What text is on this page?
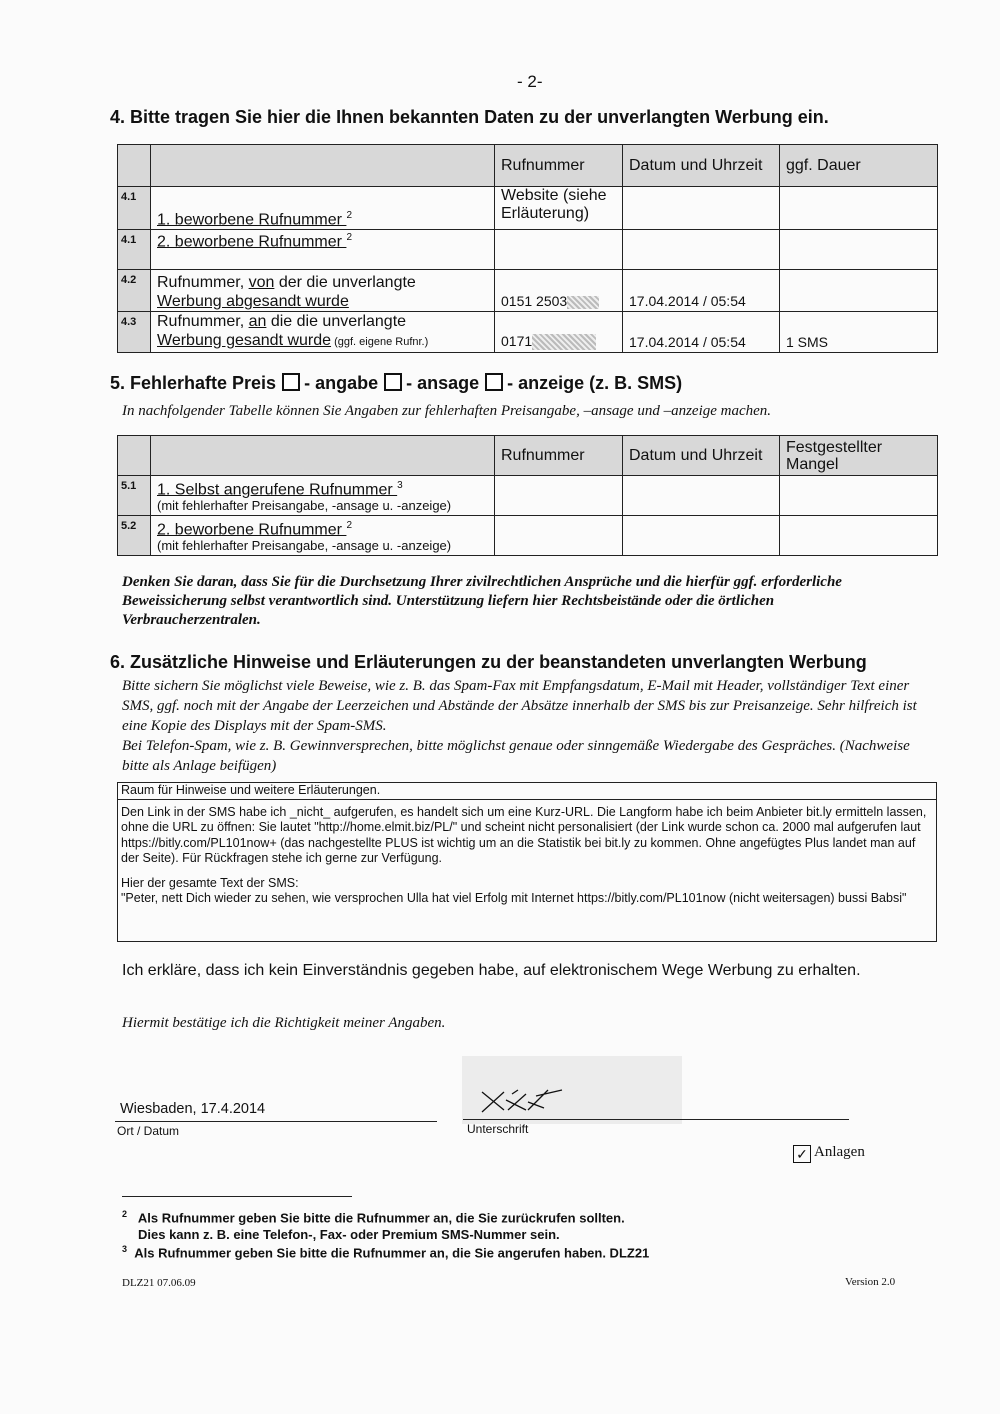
- 2-
4. Bitte tragen Sie hier die Ihnen bekannten Daten zu der unverlangten Werbung ein.
		Rufnummer	Datum und Uhrzeit	ggf. Dauer
4.1	1. beworbene Rufnummer $^2$	Website (siehe Erläuterung)		
4.1	2. beworbene Rufnummer $^2$			
4.2	Rufnummer, von der die unverlangte
Werbung abgesandt wurde	0151 2503	17.04.2014 / 05:54	
4.3	Rufnummer, an die die unverlangte
Werbung gesandt wurde (ggf. eigene Rufnr.)	0171	17.04.2014 / 05:54	1 SMS
5. Fehlerhafte Preis - angabe - ansage - anzeige (z. B. SMS)
In nachfolgender Tabelle können Sie Angaben zur fehlerhaften Preisangabe, –ansage und –anzeige machen.
		Rufnummer	Datum und Uhrzeit	Festgestellter Mangel
5.1	1. Selbst angerufene Rufnummer $^3$
(mit fehlerhafter Preisangabe, -ansage u. -anzeige)			
5.2	2. beworbene Rufnummer $^2$
(mit fehlerhafter Preisangabe, -ansage u. -anzeige)			
Denken Sie daran, dass Sie für die Durchsetzung Ihrer zivilrechtlichen Ansprüche und die hierfür ggf. erforderliche Beweissicherung selbst verantwortlich sind. Unterstützung liefern hier Rechtsbeistände oder die örtlichen Verbraucherzentralen.
6. Zusätzliche Hinweise und Erläuterungen zu der beanstandeten unverlangten Werbung
Bitte sichern Sie möglichst viele Beweise, wie z. B. das Spam-Fax mit Empfangsdatum, E-Mail mit Header, vollständiger Text einer SMS, ggf. noch mit der Angabe der Leerzeichen und Abstände der Absätze innerhalb der SMS bis zur Preisanzeige. Sehr hilfreich ist eine Kopie des Displays mit der Spam-SMS.
Bei Telefon-Spam, wie z. B. Gewinnversprechen, bitte möglichst genaue oder sinngemäße Wiedergabe des Gespräches. (Nachweise bitte als Anlage beifügen)
Raum für Hinweise und weitere Erläuterungen.
Den Link in der SMS habe ich _nicht_ aufgerufen, es handelt sich um eine Kurz-URL. Die Langform habe ich beim Anbieter bit.ly ermitteln lassen, ohne die URL zu öffnen: Sie lautet "http://home.elmit.biz/PL/" und scheint nicht personalisiert (der Link wurde schon ca. 2000 mal aufgerufen laut https://bitly.com/PL101now+ (das nachgestellte PLUS ist wichtig um an die Statistik bei bit.ly zu kommen. Ohne angefügtes Plus landet man auf der Seite). Für Rückfragen stehe ich gerne zur Verfügung.
Hier der gesamte Text der SMS:
"Peter, nett Dich wieder zu sehen, wie versprochen Ulla hat viel Erfolg mit Internet https://bitly.com/PL101now (nicht weitersagen) bussi Babsi"
Ich erkläre, dass ich kein Einverständnis gegeben habe, auf elektronischem Wege Werbung zu erhalten.
Hiermit bestätige ich die Richtigkeit meiner Angaben.
Wiesbaden, 17.4.2014
Ort / Datum	Unterschrift
✓ Anlagen
$^2$ Als Rufnummer geben Sie bitte die Rufnummer an, die Sie zurückrufen sollten.
Dies kann z. B. eine Telefon-, Fax- oder Premium SMS-Nummer sein.
$^3$ Als Rufnummer geben Sie bitte die Rufnummer an, die Sie angerufen haben. DLZ21
DLZ21 07.06.09	Version 2.0
